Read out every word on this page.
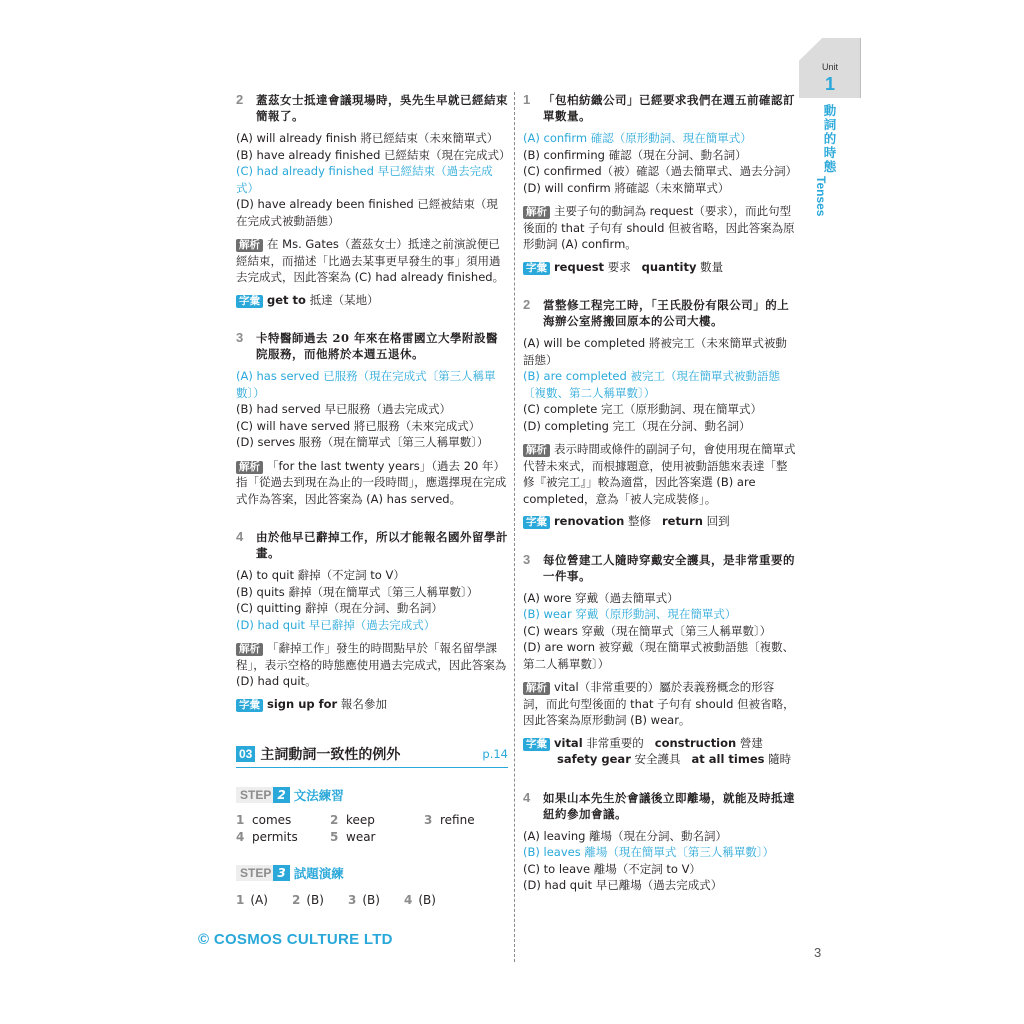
Unit
1
動詞的時態
Tenses
2	蓋茲女士抵達會議現場時，吳先生早就已經結束簡報了。
(A) will already finish 將已經結束（未來簡單式）
(B) have already finished 已經結束（現在完成式）
(C) had already finished 早已經結束（過去完成式）
(D) have already been finished 已經被結束（現在完成式被動語態）
解析 在 Ms. Gates（蓋茲女士）抵達之前演說便已經結束，而描述「比過去某事更早發生的事」須用過去完成式，因此答案為 (C) had already finished。
字彙 get to 抵達（某地）
3	卡特醫師過去 20 年來在格雷國立大學附設醫院服務，而他將於本週五退休。
(A) has served 已服務（現在完成式〔第三人稱單數〕）
(B) had served 早已服務（過去完成式）
(C) will have served 將已服務（未來完成式）
(D) serves 服務（現在簡單式〔第三人稱單數〕）
解析 「for the last twenty years」（過去 20 年）指「從過去到現在為止的一段時間」，應選擇現在完成式作為答案，因此答案為 (A) has served。
4	由於他早已辭掉工作，所以才能報名國外留學計畫。
(A) to quit 辭掉（不定詞 to V）
(B) quits 辭掉（現在簡單式〔第三人稱單數〕）
(C) quitting 辭掉（現在分詞、動名詞）
(D) had quit 早已辭掉（過去完成式）
解析 「辭掉工作」發生的時間點早於「報名留學課程」，表示空格的時態應使用過去完成式，因此答案為 (D) had quit。
字彙 sign up for 報名參加
03 主詞動詞一致性的例外	p.14
STEP 2 文法練習
1 comes	2 keep	3 refine
4 permits	5 wear
STEP 3 試題演練
1 (A)	2 (B)	3 (B)	4 (B)
1	「包柏紡織公司」已經要求我們在週五前確認訂單數量。
(A) confirm 確認（原形動詞、現在簡單式）
(B) confirming 確認（現在分詞、動名詞）
(C) confirmed（被）確認（過去簡單式、過去分詞）
(D) will confirm 將確認（未來簡單式）
解析 主要子句的動詞為 request（要求），而此句型後面的 that 子句有 should 但被省略，因此答案為原形動詞 (A) confirm。
字彙 request 要求 quantity 數量
2	當整修工程完工時，「王氏股份有限公司」的上海辦公室將搬回原本的公司大樓。
(A) will be completed 將被完工（未來簡單式被動語態）
(B) are completed 被完工（現在簡單式被動語態〔複數、第二人稱單數〕）
(C) complete 完工（原形動詞、現在簡單式）
(D) completing 完工（現在分詞、動名詞）
解析 表示時間或條件的副詞子句，會使用現在簡單式代替未來式，而根據題意，使用被動語態來表達「整修『被完工』」較為適當，因此答案選 (B) are completed，意為「被人完成裝修」。
字彙 renovation 整修 return 回到
3	每位營建工人隨時穿戴安全護具，是非常重要的一件事。
(A) wore 穿戴（過去簡單式）
(B) wear 穿戴（原形動詞、現在簡單式）
(C) wears 穿戴（現在簡單式〔第三人稱單數〕）
(D) are worn 被穿戴（現在簡單式被動語態〔複數、第二人稱單數〕）
解析 vital（非常重要的）屬於表義務概念的形容詞，而此句型後面的 that 子句有 should 但被省略，因此答案為原形動詞 (B) wear。
字彙 vital 非常重要的 construction 營建
safety gear 安全護具 at all times 隨時
4	如果山本先生於會議後立即離場，就能及時抵達紐約參加會議。
(A) leaving 離場（現在分詞、動名詞）
(B) leaves 離場（現在簡單式〔第三人稱單數〕）
(C) to leave 離場（不定詞 to V）
(D) had quit 早已離場（過去完成式）
© COSMOS CULTURE LTD
3
